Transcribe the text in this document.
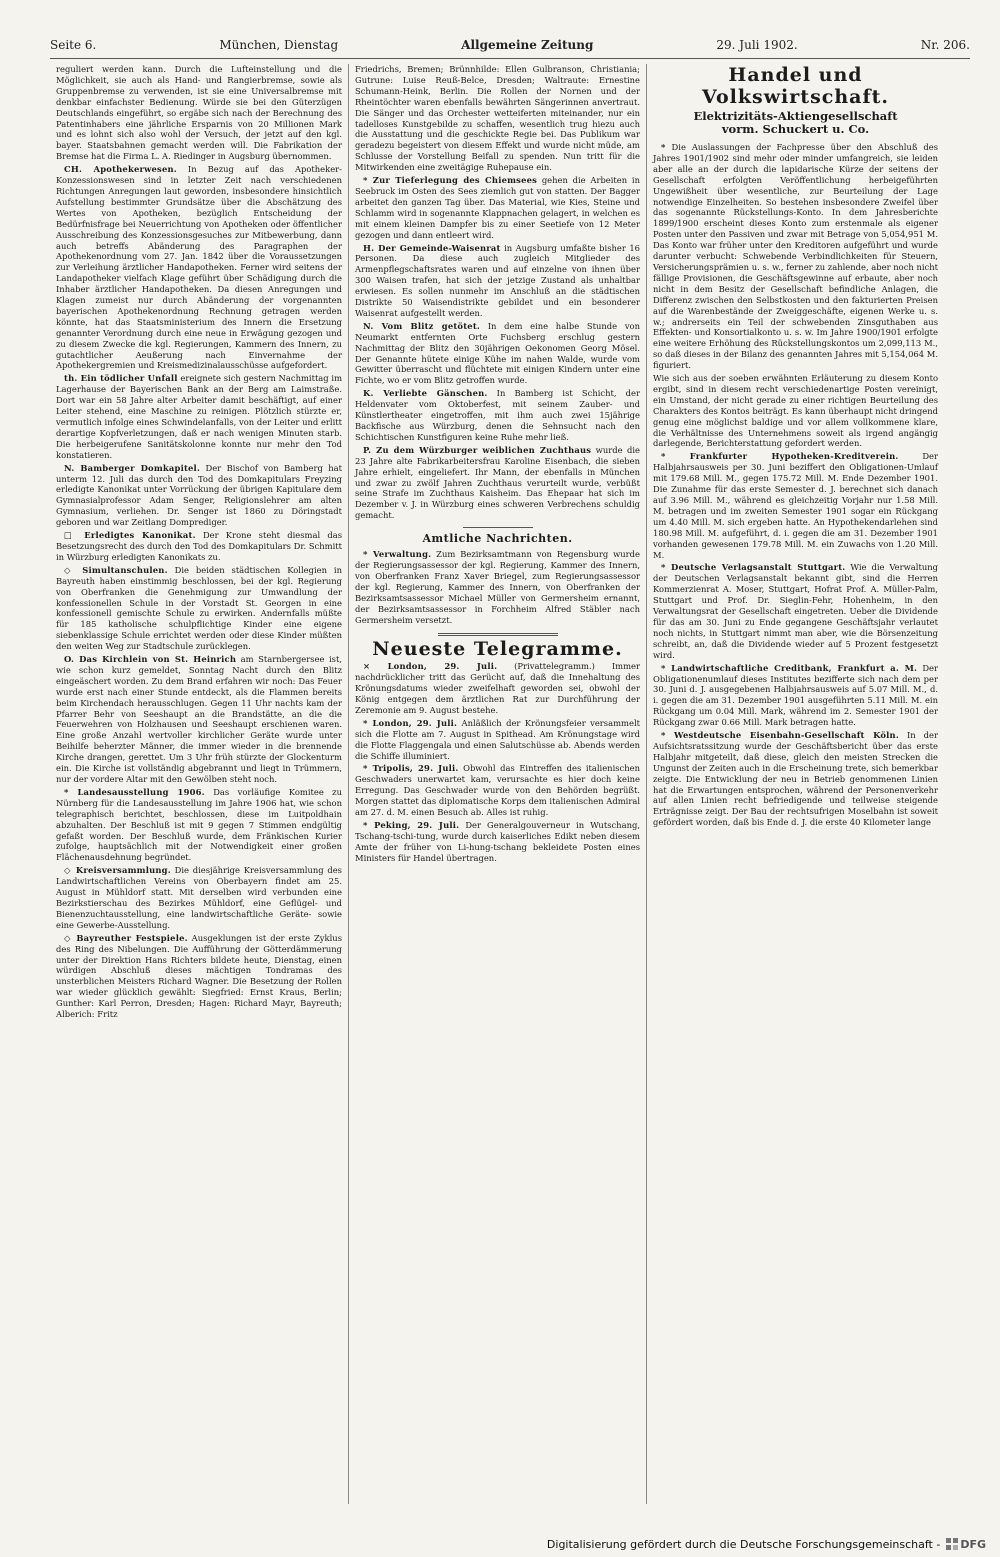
Seite 6.	München, Dienstag	Allgemeine Zeitung	29. Juli 1902.	Nr. 206.

reguliert werden kann. Durch die Lufteinstellung und die Möglichkeit, sie auch als Hand- und Rangierbremse, sowie als Gruppenbremse zu verwenden, ist sie eine Universalbremse mit denkbar einfachster Bedienung. Würde sie bei den Güterzügen Deutschlands eingeführt, so ergäbe sich nach der Berechnung des Patentinhabers eine jährliche Ersparnis von 20 Millionen Mark und es lohnt sich also wohl der Versuch, der jetzt auf den kgl. bayer. Staatsbahnen gemacht werden will. Die Fabrikation der Bremse hat die Firma L. A. Riedinger in Augsburg übernommen.

CH. Apothekerwesen. In Bezug auf das Apotheker-Konzessionswesen sind in letzter Zeit nach verschiedenen Richtungen Anregungen laut geworden, insbesondere hinsichtlich Aufstellung bestimmter Grundsätze über die Abschätzung des Wertes von Apotheken, bezüglich Entscheidung der Bedürfnisfrage bei Neuerrichtung von Apotheken oder öffentlicher Ausschreibung des Konzessionsgesuches zur Mitbewerbung, dann auch betreffs Abänderung des Paragraphen der Apothekenordnung vom 27. Jan. 1842 über die Voraussetzungen zur Verleihung ärztlicher Handapotheken. Ferner wird seitens der Landapotheker vielfach Klage geführt über Schädigung durch die Inhaber ärztlicher Handapotheken. Da diesen Anregungen und Klagen zumeist nur durch Abänderung der vorgenannten bayerischen Apothekenordnung Rechnung getragen werden könnte, hat das Staatsministerium des Innern die Ersetzung genannter Verordnung durch eine neue in Erwägung gezogen und zu diesem Zwecke die kgl. Regierungen, Kammern des Innern, zu gutachtlicher Aeußerung nach Einvernahme der Apothekergremien und Kreismedizinalausschüsse aufgefordert.

th. Ein tödlicher Unfall ereignete sich gestern Nachmittag im Lagerhause der Bayerischen Bank an der Berg am Laimstraße. Dort war ein 58 Jahre alter Arbeiter damit beschäftigt, auf einer Leiter stehend, eine Maschine zu reinigen. Plötzlich stürzte er, vermutlich infolge eines Schwindelanfalls, von der Leiter und erlitt derartige Kopfverletzungen, daß er nach wenigen Minuten starb. Die herbeigerufene Sanitätskolonne konnte nur mehr den Tod konstatieren.

N. Bamberger Domkapitel. Der Bischof von Bamberg hat unterm 12. Juli das durch den Tod des Domkapitulars Freyzing erledigte Kanonikat unter Vorrückung der übrigen Kapitulare dem Gymnasialprofessor Adam Senger, Religionslehrer am alten Gymnasium, verliehen. Dr. Senger ist 1860 zu Döringstadt geboren und war Zeitlang Domprediger.

□ Erledigtes Kanonikat. Der Krone steht diesmal das Besetzungsrecht des durch den Tod des Domkapitulars Dr. Schmitt in Würzburg erledigten Kanonikats zu.

◇ Simultanschulen. Die beiden städtischen Kollegien in Bayreuth haben einstimmig beschlossen, bei der kgl. Regierung von Oberfranken die Genehmigung zur Umwandlung der konfessionellen Schule in der Vorstadt St. Georgen in eine konfessionell gemischte Schule zu erwirken. Andernfalls müßte für 185 katholische schulpflichtige Kinder eine eigene siebenklassige Schule errichtet werden oder diese Kinder müßten den weiten Weg zur Stadtschule zurücklegen.

O. Das Kirchlein von St. Heinrich am Starnbergersee ist, wie schon kurz gemeldet, Sonntag Nacht durch den Blitz eingeäschert worden. Zu dem Brand erfahren wir noch: Das Feuer wurde erst nach einer Stunde entdeckt, als die Flammen bereits beim Kirchendach herausschlugen. Gegen 11 Uhr nachts kam der Pfarrer Behr von Seeshaupt an die Brandstätte, an die die Feuerwehren von Holzhausen und Seeshaupt erschienen waren. Eine große Anzahl wertvoller kirchlicher Geräte wurde unter Beihilfe beherzter Männer, die immer wieder in die brennende Kirche drangen, gerettet. Um 3 Uhr früh stürzte der Glockenturm ein. Die Kirche ist vollständig abgebrannt und liegt in Trümmern, nur der vordere Altar mit den Gewölben steht noch.

* Landesausstellung 1906. Das vorläufige Komitee zu Nürnberg für die Landesausstellung im Jahre 1906 hat, wie schon telegraphisch berichtet, beschlossen, diese im Luitpoldhain abzuhalten. Der Beschluß ist mit 9 gegen 7 Stimmen endgültig gefaßt worden. Der Beschluß wurde, dem Fränkischen Kurier zufolge, hauptsächlich mit der Notwendigkeit einer großen Flächenausdehnung begründet.

◇ Kreisversammlung. Die diesjährige Kreisversammlung des Landwirtschaftlichen Vereins von Oberbayern findet am 25. August in Mühldorf statt. Mit derselben wird verbunden eine Bezirkstierschau des Bezirkes Mühldorf, eine Geflügel- und Bienenzuchtausstellung, eine landwirtschaftliche Geräte- sowie eine Gewerbe-Ausstellung.

◇ Bayreuther Festspiele. Ausgeklungen ist der erste Zyklus des Ring des Nibelungen. Die Aufführung der Götterdämmerung unter der Direktion Hans Richters bildete heute, Dienstag, einen würdigen Abschluß dieses mächtigen Tondramas des unsterblichen Meisters Richard Wagner. Die Besetzung der Rollen war wieder glücklich gewählt: Siegfried: Ernst Kraus, Berlin; Gunther: Karl Perron, Dresden; Hagen: Richard Mayr, Bayreuth; Alberich: Fritz

Friedrichs, Bremen; Brünnhilde: Ellen Gulbranson, Christiania; Gutrune: Luise Reuß-Belce, Dresden; Waltraute: Ernestine Schumann-Heink, Berlin. Die Rollen der Nornen und der Rheintöchter waren ebenfalls bewährten Sängerinnen anvertraut. Die Sänger und das Orchester wetteiferten miteinander, nur ein tadelloses Kunstgebilde zu schaffen, wesentlich trug hiezu auch die Ausstattung und die geschickte Regie bei. Das Publikum war geradezu begeistert von diesem Effekt und wurde nicht müde, am Schlusse der Vorstellung Beifall zu spenden. Nun tritt für die Mitwirkenden eine zweitägige Ruhepause ein.

* Zur Tieferlegung des Chiemsees gehen die Arbeiten in Seebruck im Osten des Sees ziemlich gut von statten. Der Bagger arbeitet den ganzen Tag über. Das Material, wie Kies, Steine und Schlamm wird in sogenannte Klappnachen gelagert, in welchen es mit einem kleinen Dampfer bis zu einer Seetiefe von 12 Meter gezogen und dann entleert wird.

H. Der Gemeinde-Waisenrat in Augsburg umfaßte bisher 16 Personen. Da diese auch zugleich Mitglieder des Armenpflegschaftsrates waren und auf einzelne von ihnen über 300 Waisen trafen, hat sich der jetzige Zustand als unhaltbar erwiesen. Es sollen nunmehr im Anschluß an die städtischen Distrikte 50 Waisendistrikte gebildet und ein besonderer Waisenrat aufgestellt werden.

N. Vom Blitz getötet. In dem eine halbe Stunde von Neumarkt entfernten Orte Fuchsberg erschlug gestern Nachmittag der Blitz den 30jährigen Oekonomen Georg Mösel. Der Genannte hütete einige Kühe im nahen Walde, wurde vom Gewitter überrascht und flüchtete mit einigen Kindern unter eine Fichte, wo er vom Blitz getroffen wurde.

K. Verliebte Gänschen. In Bamberg ist Schicht, der Heldenvater vom Oktoberfest, mit seinem Zauber- und Künstlertheater eingetroffen, mit ihm auch zwei 15jährige Backfische aus Würzburg, denen die Sehnsucht nach den Schichtischen Kunstfiguren keine Ruhe mehr ließ.

P. Zu dem Würzburger weiblichen Zuchthaus wurde die 23 Jahre alte Fabrikarbeitersfrau Karoline Eisenbach, die sieben Jahre erhielt, eingeliefert. Ihr Mann, der ebenfalls in München und zwar zu zwölf Jahren Zuchthaus verurteilt wurde, verbüßt seine Strafe im Zuchthaus Kaisheim. Das Ehepaar hat sich im Dezember v. J. in Würzburg eines schweren Verbrechens schuldig gemacht.

Amtliche Nachrichten.

* Verwaltung. Zum Bezirksamtmann von Regensburg wurde der Regierungsassessor der kgl. Regierung, Kammer des Innern, von Oberfranken Franz Xaver Briegel, zum Regierungsassessor der kgl. Regierung, Kammer des Innern, von Oberfranken der Bezirksamtsassessor Michael Müller von Germersheim ernannt, der Bezirksamtsassessor in Forchheim Alfred Stäbler nach Germersheim versetzt.

Neueste Telegramme.

× London, 29. Juli. (Privattelegramm.) Immer nachdrücklicher tritt das Gerücht auf, daß die Innehaltung des Krönungsdatums wieder zweifelhaft geworden sei, obwohl der König entgegen dem ärztlichen Rat zur Durchführung der Zeremonie am 9. August bestehe.

* London, 29. Juli. Anläßlich der Krönungsfeier versammelt sich die Flotte am 7. August in Spithead. Am Krönungstage wird die Flotte Flaggengala und einen Salutschüsse ab. Abends werden die Schiffe illuminiert.

* Tripolis, 29. Juli. Obwohl das Eintreffen des italienischen Geschwaders unerwartet kam, verursachte es hier doch keine Erregung. Das Geschwader wurde von den Behörden begrüßt. Morgen stattet das diplomatische Korps dem italienischen Admiral am 27. d. M. einen Besuch ab. Alles ist ruhig.

* Peking, 29. Juli. Der Generalgouverneur in Wutschang, Tschang-tschi-tung, wurde durch kaiserliches Edikt neben diesem Amte der früher von Li-hung-tschang bekleidete Posten eines Ministers für Handel übertragen.

Handel und Volkswirtschaft.
Elektrizitäts-Aktiengesellschaft
vorm. Schuckert u. Co.

* Die Auslassungen der Fachpresse über den Abschluß des Jahres 1901/1902 sind mehr oder minder umfangreich, sie leiden aber alle an der durch die lapidarische Kürze der seitens der Gesellschaft erfolgten Veröffentlichung herbeigeführten Ungewißheit über wesentliche, zur Beurteilung der Lage notwendige Einzelheiten. So bestehen insbesondere Zweifel über das sogenannte Rückstellungs-Konto. In dem Jahresberichte 1899/1900 erscheint dieses Konto zum erstenmale als eigener Posten unter den Passiven und zwar mit Betrage von 5,054,951 M. Das Konto war früher unter den Kreditoren aufgeführt und wurde darunter verbucht: Schwebende Verbindlichkeiten für Steuern, Versicherungsprämien u. s. w., ferner zu zahlende, aber noch nicht fällige Provisionen, die Geschäftsgewinne auf erbaute, aber noch nicht in dem Besitz der Gesellschaft befindliche Anlagen, die Differenz zwischen den Selbstkosten und den fakturierten Preisen auf die Warenbestände der Zweiggeschäfte, eigenen Werke u. s. w.; andrerseits ein Teil der schwebenden Zinsguthaben aus Effekten- und Konsortialkonto u. s. w. Im Jahre 1900/1901 erfolgte eine weitere Erhöhung des Rückstellungskontos um 2,099,113 M., so daß dieses in der Bilanz des genannten Jahres mit 5,154,064 M. figuriert.

Wie sich aus der soeben erwähnten Erläuterung zu diesem Konto ergibt, sind in diesem recht verschiedenartige Posten vereinigt, ein Umstand, der nicht gerade zu einer richtigen Beurteilung des Charakters des Kontos beiträgt. Es kann überhaupt nicht dringend genug eine möglichst baldige und vor allem vollkommene klare, die Verhältnisse des Unternehmens soweit als irgend angängig darlegende, Berichterstattung gefordert werden.

* Frankfurter Hypotheken-Kreditverein.	Der Halbjahrsausweis per 30. Juni beziffert den Obligationen-Umlauf mit 179.68 Mill. M., gegen 175.72 Mill. M. Ende Dezember 1901. Die Zunahme für das erste Semester d. J. berechnet sich danach auf 3.96 Mill. M., während es gleichzeitig Vorjahr nur 1.58 Mill. M. betragen und im zweiten Semester 1901 sogar ein Rückgang um 4.40 Mill. M. sich ergeben hatte. An Hypothekendarlehen sind 180.98 Mill. M. aufgeführt, d. i. gegen die am 31. Dezember 1901 vorhanden gewesenen 179.78 Mill. M. ein Zuwachs von 1.20 Mill. M.

* Deutsche Verlagsanstalt Stuttgart. Wie die Verwaltung der Deutschen Verlagsanstalt bekannt gibt, sind die Herren Kommerzienrat A. Moser, Stuttgart, Hofrat Prof. A. Müller-Palm, Stuttgart und Prof. Dr. Sieglin-Fehr, Hohenheim, in den Verwaltungsrat der Gesellschaft eingetreten. Ueber die Dividende für das am 30. Juni zu Ende gegangene Geschäftsjahr verlautet noch nichts, in Stuttgart nimmt man aber, wie die Börsenzeitung schreibt, an, daß die Dividende wieder auf 5 Prozent festgesetzt wird.

* Landwirtschaftliche Creditbank, Frankfurt a. M. Der Obligationenumlauf dieses Institutes bezifferte sich nach dem per 30. Juni d. J. ausgegebenen Halbjahrsausweis auf 5.07 Mill. M., d. i. gegen die am 31. Dezember 1901 ausgeführten 5.11 Mill. M. ein Rückgang um 0.04 Mill. Mark, während im 2. Semester 1901 der Rückgang zwar 0.66 Mill. Mark betragen hatte.

* Westdeutsche Eisenbahn-Gesellschaft Köln. In der Aufsichtsratssitzung wurde der Geschäftsbericht über das erste Halbjahr mitgeteilt, daß diese, gleich den meisten Strecken die Ungunst der Zeiten auch in die Erscheinung trete, sich bemerkbar zeigte. Die Entwicklung der neu in Betrieb genommenen Linien hat die Erwartungen entsprochen, während der Personenverkehr auf allen Linien recht befriedigende und teilweise steigende Erträgnisse zeigt. Der Bau der rechtsufrigen Moselbahn ist soweit gefördert worden, daß bis Ende d. J. die erste 40 Kilometer lange

Digitalisierung gefördert durch die Deutsche Forschungsgemeinschaft - DFG
